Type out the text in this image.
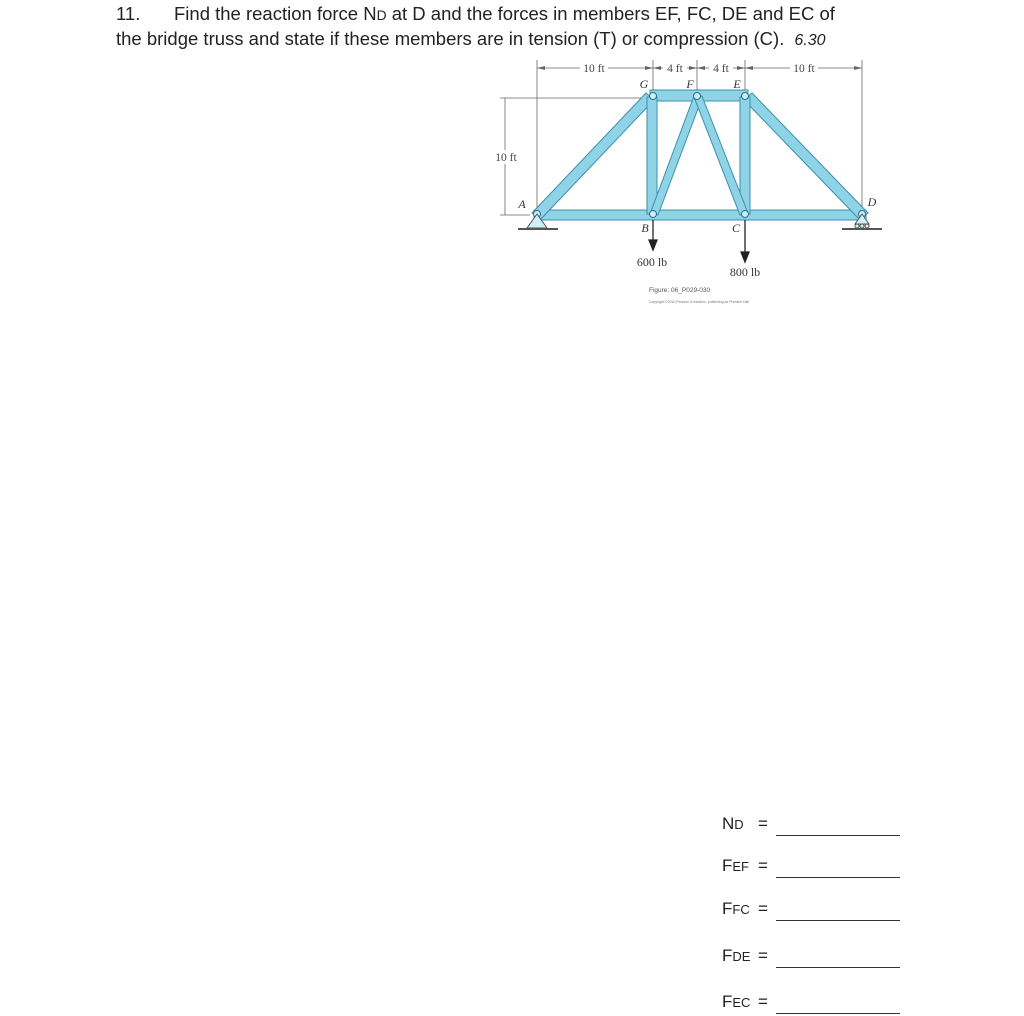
11. Find the reaction force ND at D and the forces in members EF, FC, DE and EC of
the bridge truss and state if these members are in tension (T) or compression (C). 6.30
10 ft	4 ft	4 ft	10 ft
10 ft
A
B	C
D
E
F
G
600 lb
800 lb
Figure: 06_P029-030
Copyright ©2010 Pearson Education, publishing as Prentice Hall
ND =
FEF =
FFC =
FDE =
FEC =
